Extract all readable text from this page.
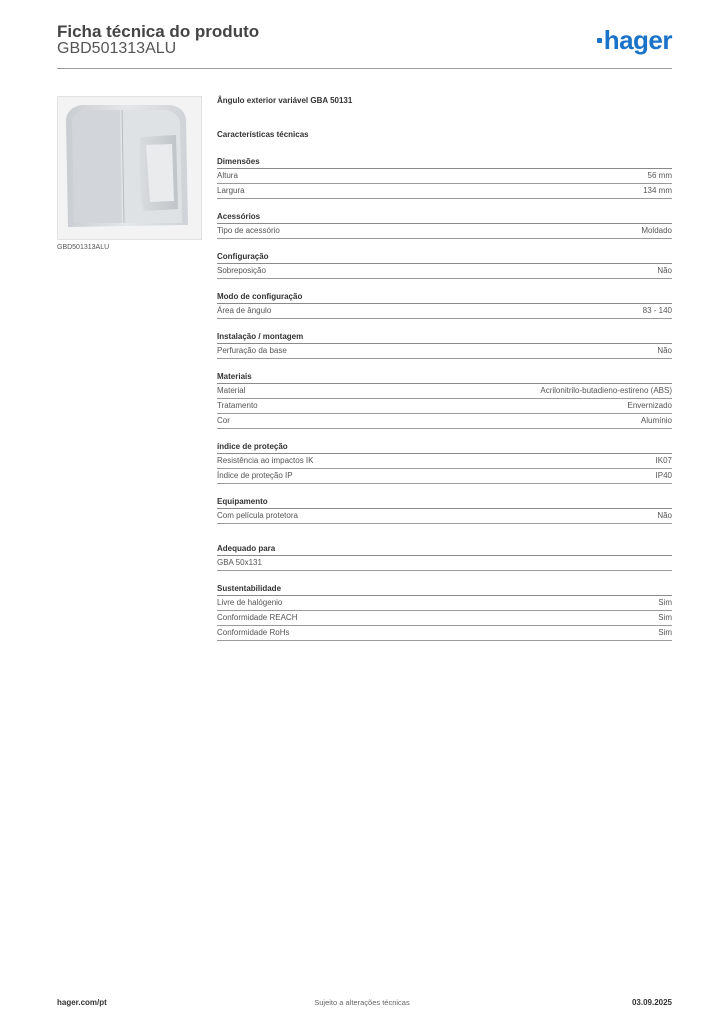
Ficha técnica do produto
GBD501313ALU	hager
GBD501313ALU
Ângulo exterior variável GBA 50131
Características técnicas
Dimensões
Altura	56 mm
Largura	134 mm
Acessórios
Tipo de acessório	Moldado
Configuração
Sobreposição	Não
Modo de configuração
Área de ângulo	83 - 140
Instalação / montagem
Perfuração da base	Não
Materiais
Material	Acrilonitrilo-butadieno-estireno (ABS)
Tratamento	Envernizado
Cor	Alumínio
índice de proteção
Resistência ao impactos IK	IK07
Índice de proteção IP	IP40
Equipamento
Com película protetora	Não
Adequado para
GBA 50x131
Sustentabilidade
Livre de halógenio	Sim
Conformidade REACH	Sim
Conformidade RoHs	Sim
hager.com/pt	Sujeito a alterações técnicas	03.09.2025
